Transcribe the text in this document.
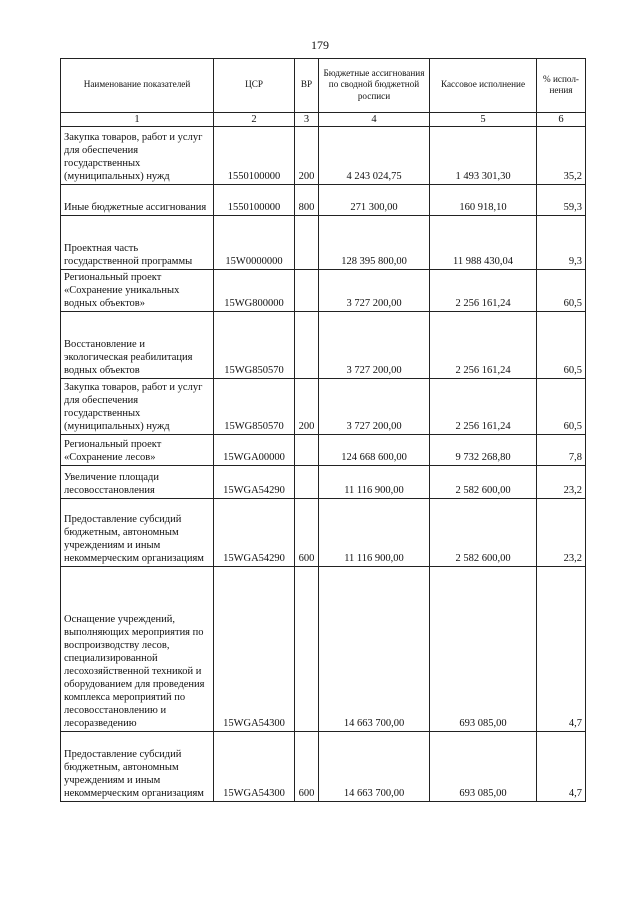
179
Наименование показателей	ЦСР	ВР	Бюджетные ассигнования по сводной бюджетной росписи	Кассовое исполнение	% испол-нения
1	2	3	4	5	6
Закупка товаров, работ и услуг для обеспечения государственных (муниципальных) нужд	1550100000	200	4 243 024,75	1 493 301,30	35,2
Иные бюджетные ассигнования	1550100000	800	271 300,00	160 918,10	59,3
Проектная часть государственной программы	15W0000000		128 395 800,00	11 988 430,04	9,3
Региональный проект «Сохранение уникальных водных объектов»	15WG800000		3 727 200,00	2 256 161,24	60,5
Восстановление и экологическая реабилитация водных объектов	15WG850570		3 727 200,00	2 256 161,24	60,5
Закупка товаров, работ и услуг для обеспечения государственных (муниципальных) нужд	15WG850570	200	3 727 200,00	2 256 161,24	60,5
Региональный проект «Сохранение лесов»	15WGA00000		124 668 600,00	9 732 268,80	7,8
Увеличение площади лесовосстановления	15WGA54290		11 116 900,00	2 582 600,00	23,2
Предоставление субсидий бюджетным, автономным учреждениям и иным некоммерческим организациям	15WGA54290	600	11 116 900,00	2 582 600,00	23,2
Оснащение учреждений, выполняющих мероприятия по воспроизводству лесов, специализированной лесохозяйственной техникой и оборудованием для проведения комплекса мероприятий по лесовосстановлению и лесоразведению	15WGA54300		14 663 700,00	693 085,00	4,7
Предоставление субсидий бюджетным, автономным учреждениям и иным некоммерческим организациям	15WGA54300	600	14 663 700,00	693 085,00	4,7
